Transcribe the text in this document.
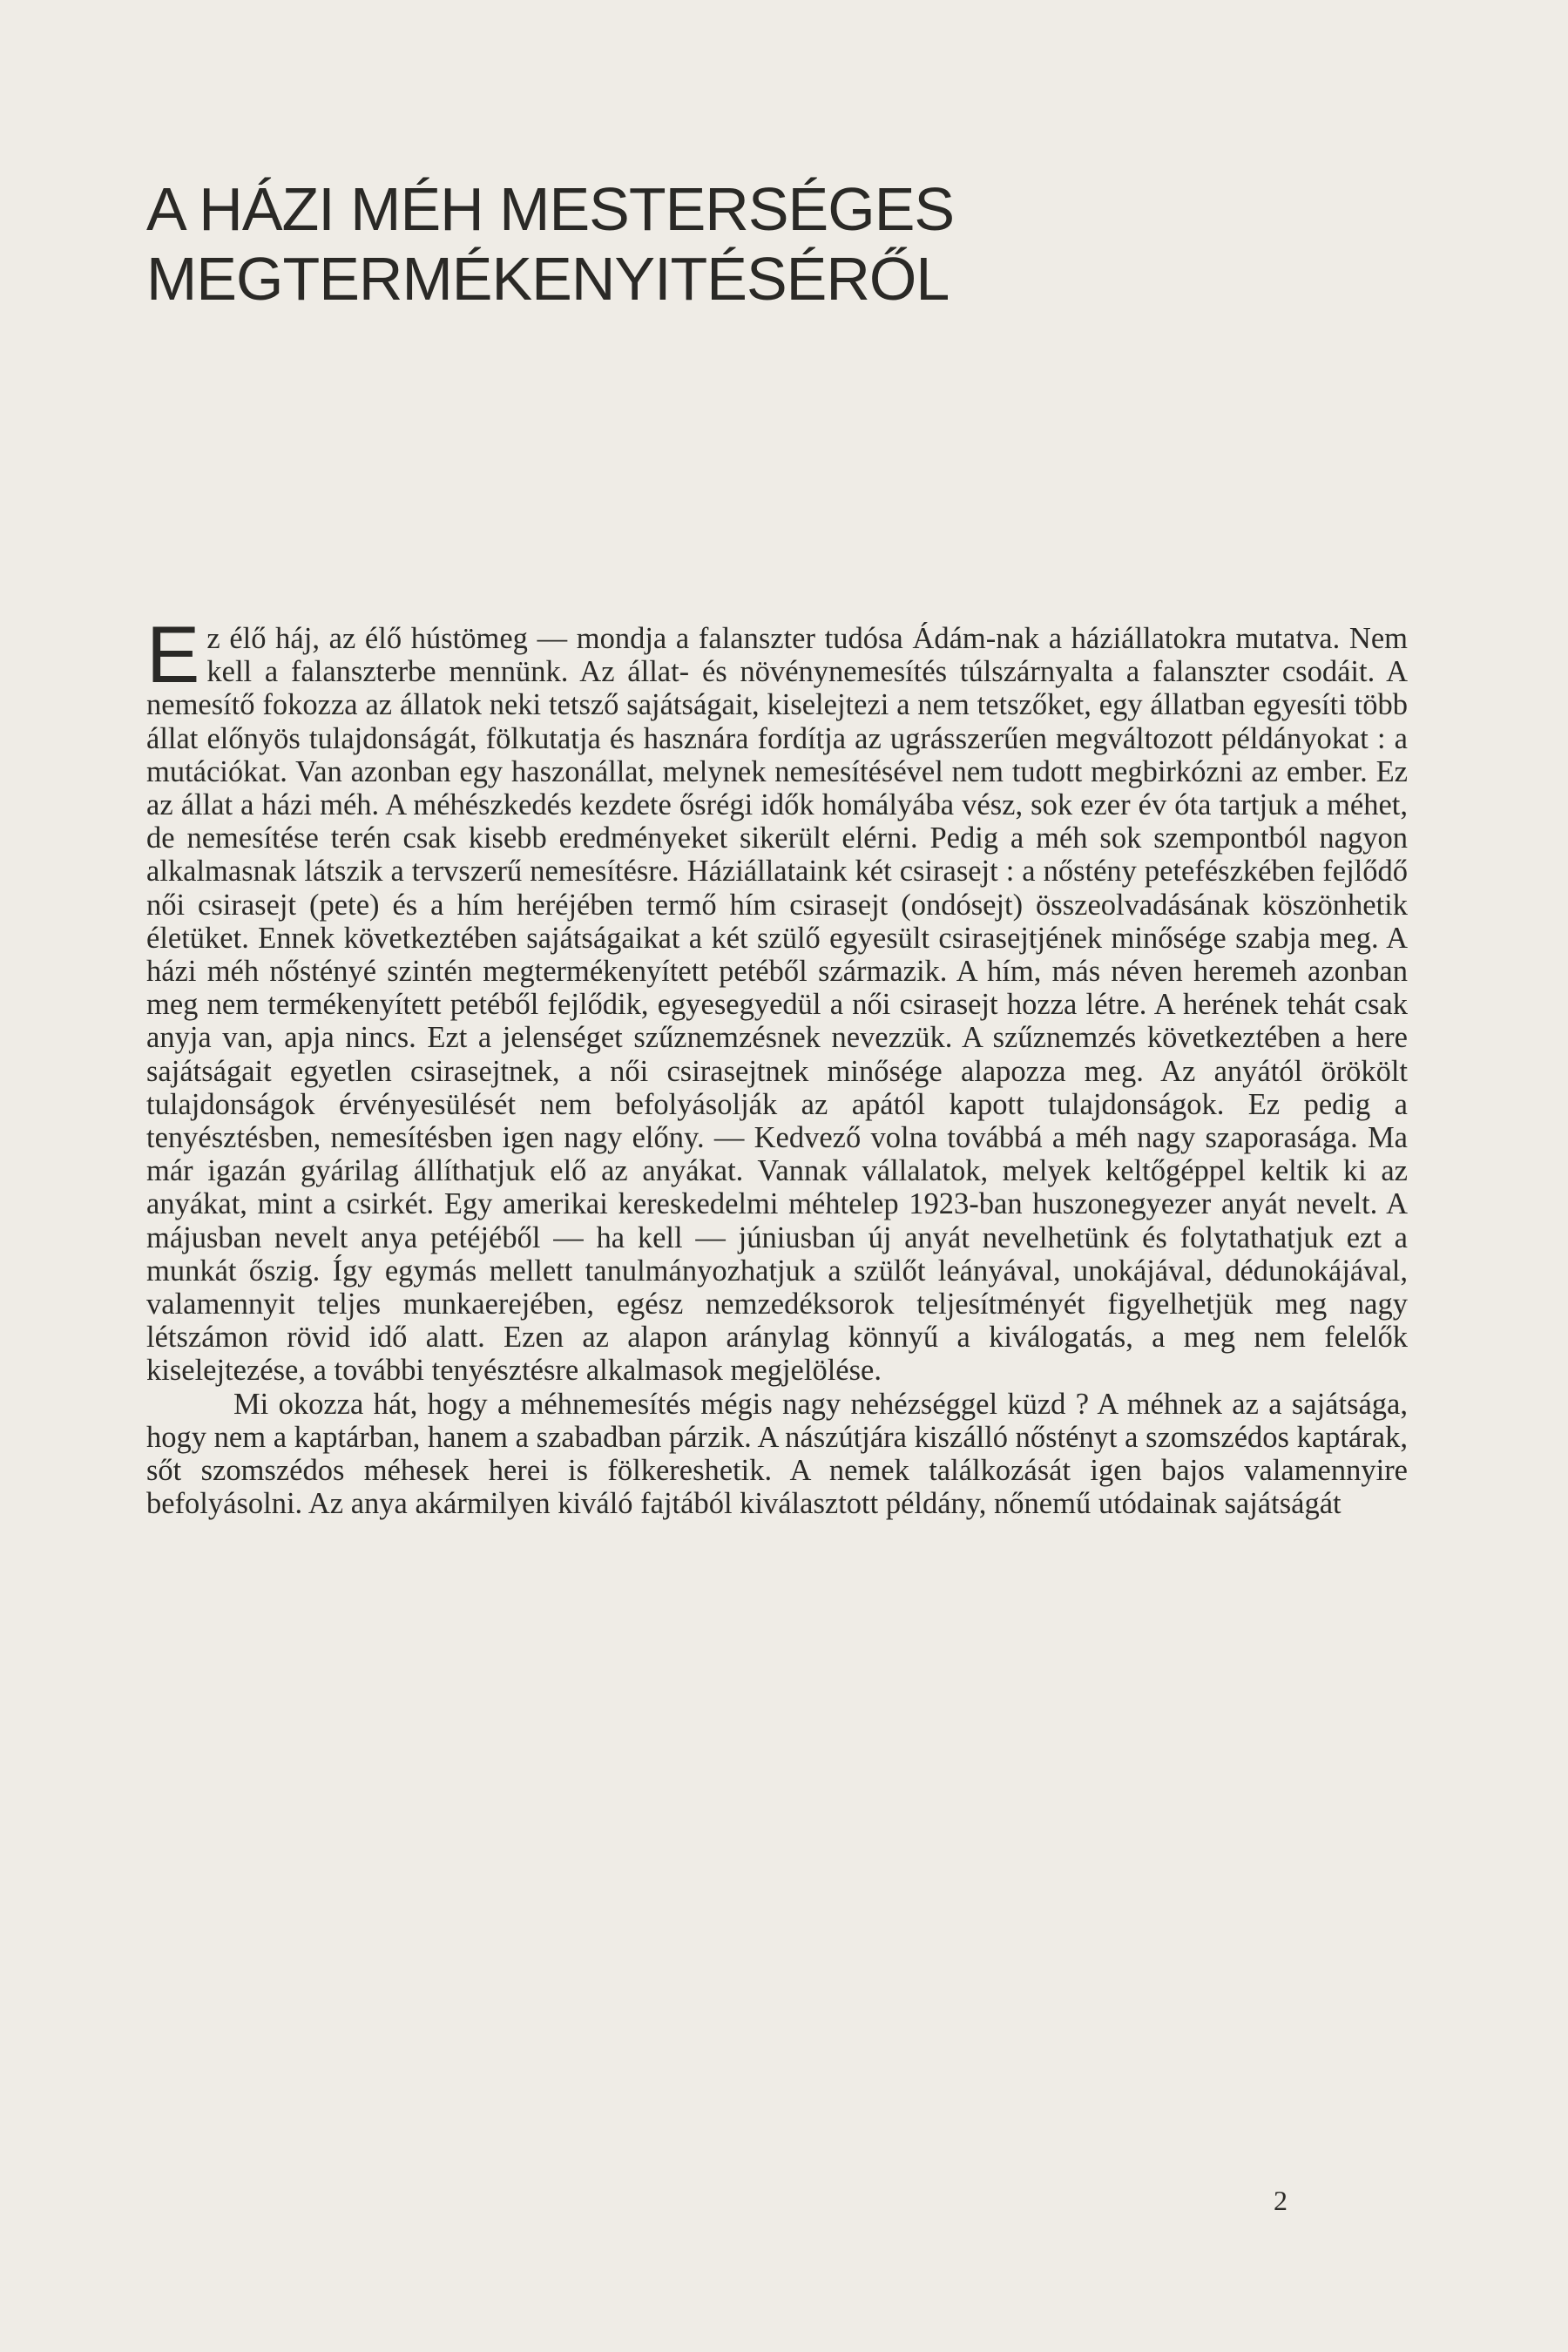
A HÁZI MÉH MESTERSÉGES
MEGTERMÉKENYITÉSÉRŐL

Ez élő háj, az élő hústömeg — mondja a falanszter tudósa Ádám-nak a háziállatokra mutatva. Nem kell a falanszterbe mennünk. Az állat- és növénynemesítés túlszárnyalta a falanszter csodáit. A nemesítő fokozza az állatok neki tetsző sajátságait, kiselejtezi a nem tetszőket, egy állatban egyesíti több állat előnyös tulajdonságát, fölkutatja és hasznára fordítja az ugrásszerűen megváltozott példányokat : a mutációkat. Van azonban egy haszonállat, melynek nemesítésével nem tudott megbirkózni az ember. Ez az állat a házi méh. A méhészkedés kezdete ősrégi idők homályába vész, sok ezer év óta tartjuk a méhet, de nemesítése terén csak kisebb eredményeket sikerült elérni. Pedig a méh sok szempontból nagyon alkalmasnak látszik a tervszerű nemesítésre. Háziállataink két csirasejt : a nőstény petefészkében fejlődő női csirasejt (pete) és a hím heréjében termő hím csirasejt (ondósejt) összeolvadásának köszönhetik életüket. Ennek következtében sajátságaikat a két szülő egyesült csirasejtjének minősége szabja meg. A házi méh nőstényé szintén megtermékenyített petéből származik. A hím, más néven heremeh azonban meg nem termékenyített petéből fejlődik, egyesegyedül a női csirasejt hozza létre. A herének tehát csak anyja van, apja nincs. Ezt a jelenséget szűznemzésnek nevezzük. A szűznemzés következtében a here sajátságait egyetlen csirasejtnek, a női csirasejtnek minősége alapozza meg. Az anyától örökölt tulajdonságok érvényesülését nem befolyásolják az apától kapott tulajdonságok. Ez pedig a tenyésztésben, nemesítésben igen nagy előny. — Kedvező volna továbbá a méh nagy szaporasága. Ma már igazán gyárilag állíthatjuk elő az anyákat. Vannak vállalatok, melyek keltőgéppel keltik ki az anyákat, mint a csirkét. Egy amerikai kereskedelmi méhtelep 1923-ban huszonegyezer anyát nevelt. A májusban nevelt anya petéjéből — ha kell — júniusban új anyát nevelhetünk és folytathatjuk ezt a munkát őszig. Így egymás mellett tanulmányozhatjuk a szülőt leányával, unokájával, dédunokájával, valamennyit teljes munkaerejében, egész nemzedéksorok teljesítményét figyelhetjük meg nagy létszámon rövid idő alatt. Ezen az alapon aránylag könnyű a kiválogatás, a meg nem felelők kiselejtezése, a további tenyésztésre alkalmasok megjelölése.

Mi okozza hát, hogy a méhnemesítés mégis nagy nehézséggel küzd ? A méhnek az a sajátsága, hogy nem a kaptárban, hanem a szabadban párzik. A nászútjára kiszálló nőstényt a szomszédos kaptárak, sőt szomszédos méhesek herei is fölkereshetik. A nemek találkozását igen bajos valamennyire befolyásolni. Az anya akármilyen kiváló fajtából kiválasztott példány, nőnemű utódainak sajátságát

2
